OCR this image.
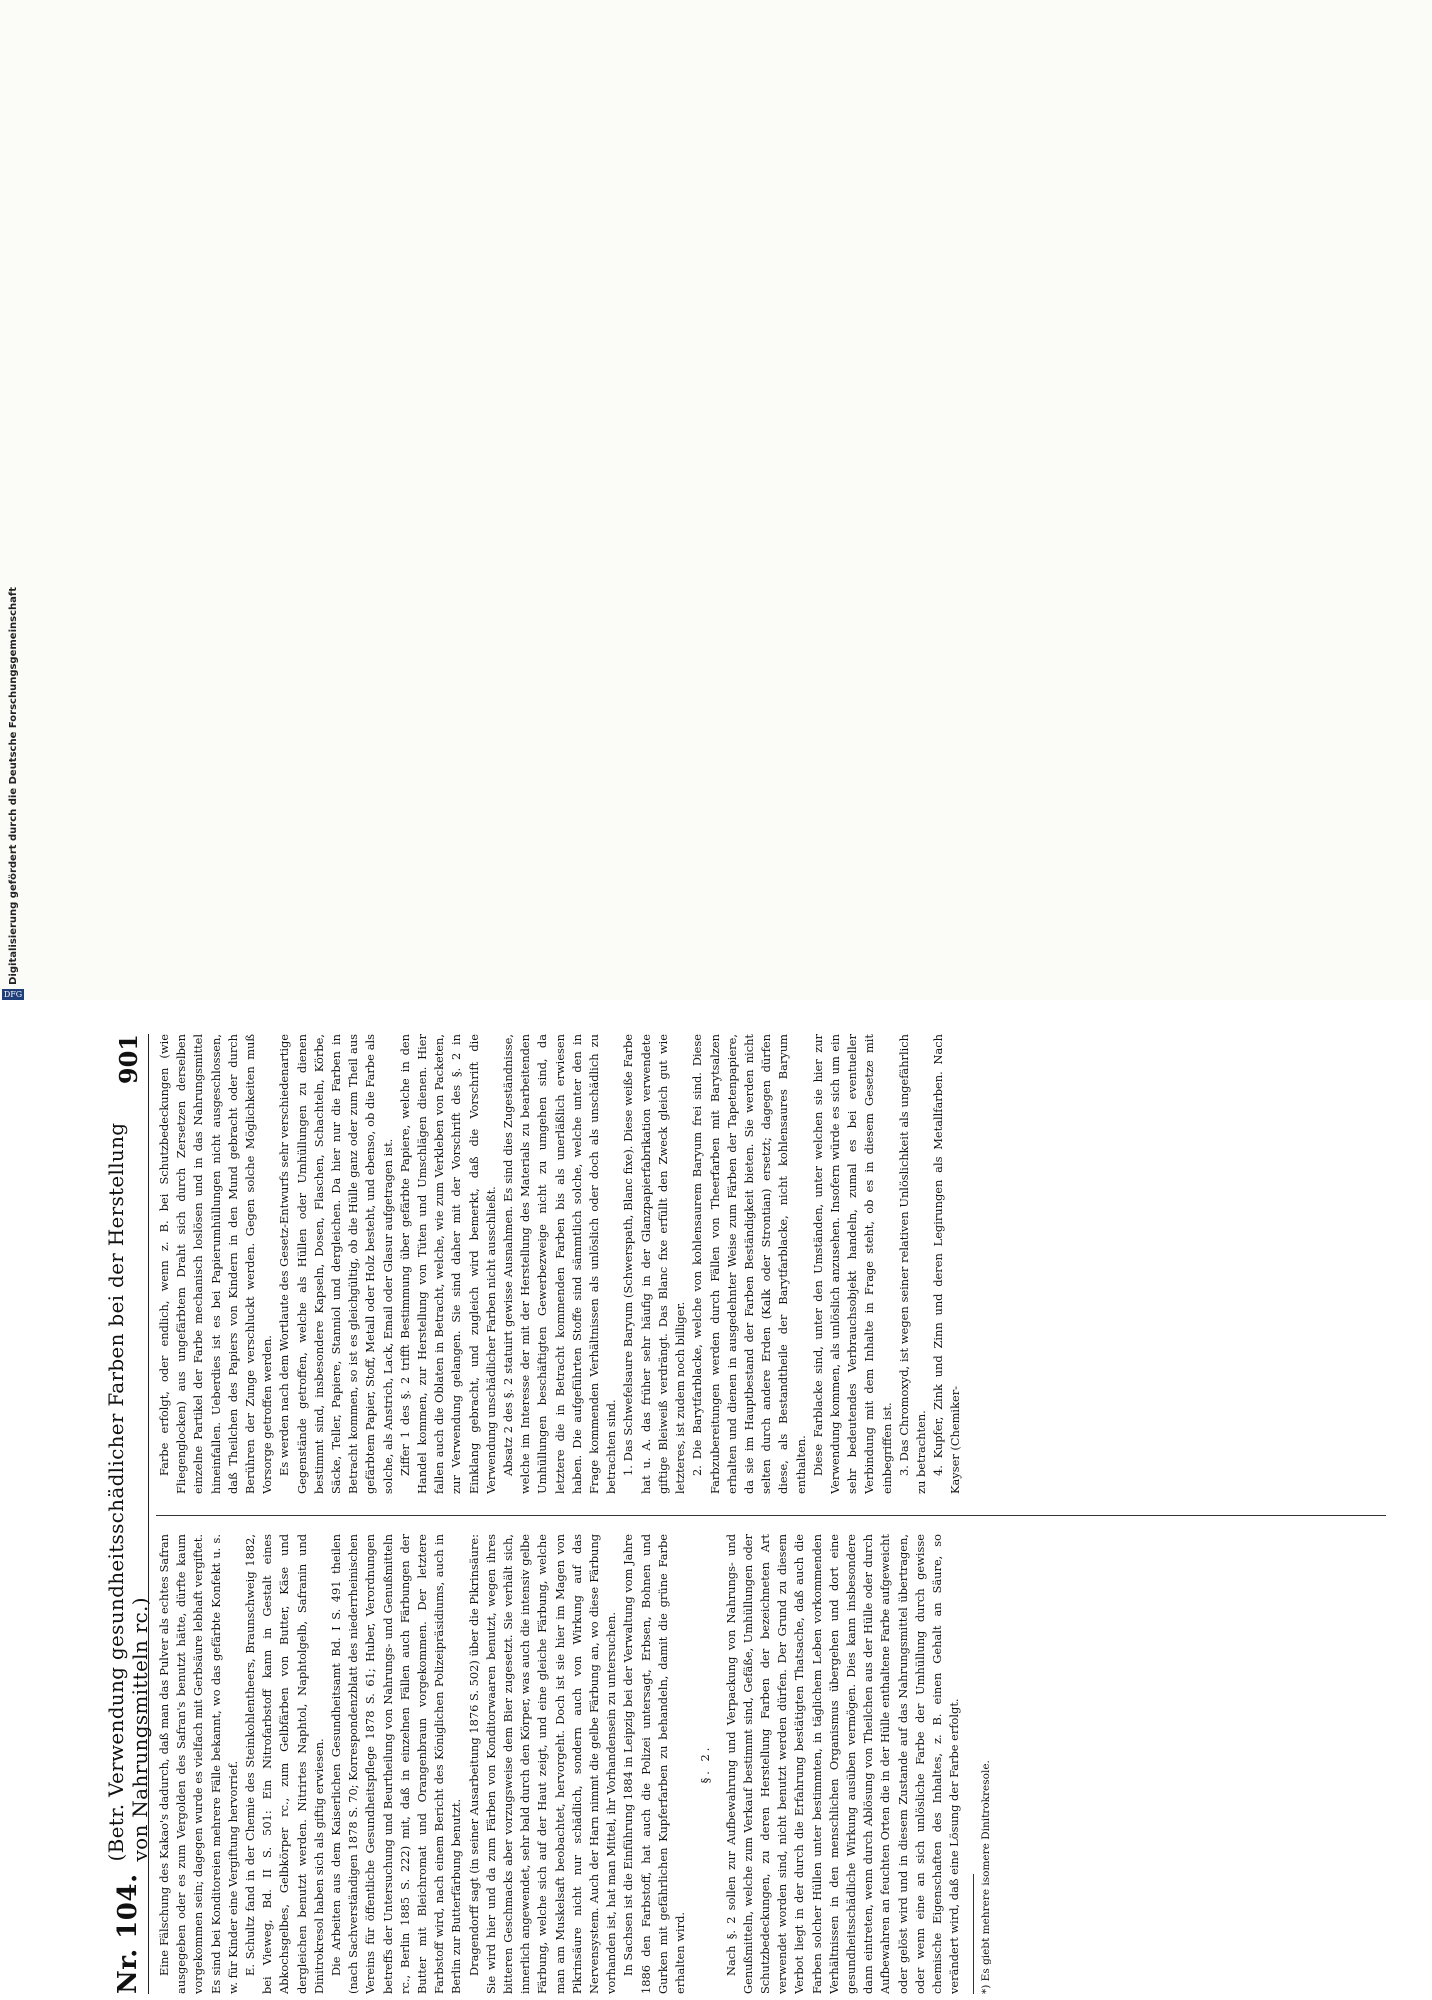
Digitalisierung gefördert durch die Deutsche Forschungsgemeinschaft
DFG
Nr. 104.
(Betr. Verwendung gesundheitsschädlicher Farben bei der Herstellung von Nahrungsmitteln rc.)
901

Eine Fälschung des Kakao's dadurch, daß man das Pulver als echtes Safran ausgegeben oder es zum Vergolden des Safran's benutzt hätte, dürfte kaum vorgekommen sein; dagegen wurde es vielfach mit Gerbsäure lebhaft vergiftet. Es sind bei Konditoreien mehrere Fälle bekannt, wo das gefärbte Konfekt u. s. w. für Kinder eine Vergiftung hervorrief. E. Schultz fand in der Chemie des Steinkohlentheers, Braunschweig 1882, bei Vieweg, Bd. II S. 501: Ein Nitrofarbstoff kann in Gestalt eines Abkochsgelbes, Gelbkörper rc., zum Gelbfärben von Butter, Käse und dergleichen benutzt werden. Nitrirtes Naphtol, Naphtolgelb, Safranin und Dinitrokresol haben sich als giftig erwiesen. Die Arbeiten aus dem Kaiserlichen Gesundheitsamt Bd. I S. 491 theilen (nach Sachverständigen 1878 S. 70; Korrespondenzblatt des niederrheinischen Vereins für öffentliche Gesundheitspflege 1878 S. 61; Huber, Verordnungen betreffs der Untersuchung und Beurtheilung von Nahrungs- und Genußmitteln rc., Berlin 1885 S. 222) mit, daß in einzelnen Fällen auch Färbungen der Butter mit Bleichromat und Orangenbraun vorgekommen. Der letztere Farbstoff wird, nach einem Bericht des Königlichen Polizeipräsidiums, auch in Berlin zur Butterfärbung benutzt. Dragendorff sagt (in seiner Ausarbeitung 1876 S. 502) über die Pikrinsäure: Sie wird hier und da zum Färben von Konditorwaaren benutzt, wegen ihres bitteren Geschmacks aber vorzugsweise dem Bier zugesetzt. Sie verhält sich, innerlich angewendet, sehr bald durch den Körper, was auch die intensiv gelbe Färbung, welche sich auf der Haut zeigt, und eine gleiche Färbung, welche man am Muskelsaft beobachtet, hervorgeht. Doch ist sie hier im Magen von Pikrinsäure nicht nur schädlich, sondern auch von Wirkung auf das Nervensystem. Auch der Harn nimmt die gelbe Färbung an, wo diese Färbung vorhanden ist, hat man Mittel, ihr Vorhandensein zu untersuchen. In Sachsen ist die Einführung 1884 in Leipzig bei der Verwaltung vom Jahre 1886 den Farbstoff, hat auch die Polizei untersagt, Erbsen, Bohnen und Gurken mit gefährlichen Kupferfarben zu behandeln, damit die grüne Farbe erhalten wird.

§. 2. Nach §. 2 sollen zur Aufbewahrung und Verpackung von Nahrungs- und Genußmitteln, welche zum Verkauf bestimmt sind, Gefäße, Umhüllungen oder Schutzbedeckungen, zu deren Herstellung Farben der bezeichneten Art verwendet worden sind, nicht benutzt werden dürfen. Der Grund zu diesem Verbot liegt in der durch die Erfahrung bestätigten Thatsache, daß auch die Farben solcher Hüllen unter bestimmten, in täglichem Leben vorkommenden Verhältnissen in den menschlichen Organismus übergehen und dort eine gesundheitsschädliche Wirkung ausüben vermögen. Dies kann insbesondere dann eintreten, wenn durch Ablösung von Theilchen aus der Hülle oder durch Aufbewahren an feuchten Orten die in der Hülle enthaltene Farbe aufgeweicht oder gelöst wird und in diesem Zustande auf das Nahrungsmittel übertragen, oder wenn eine an sich unlösliche Farbe der Umhüllung durch gewisse chemische Eigenschaften des Inhaltes, z. B. einen Gehalt an Säure, so verändert wird, daß eine Lösung der Farbe erfolgt. *) Es giebt mehrere isomere Dinitrokresole.

Farbe erfolgt, oder endlich, wenn z. B. bei Schutzbedeckungen (wie Fliegenglocken) aus ungefärbtem Draht sich durch Zersetzen derselben einzelne Partikel der Farbe mechanisch loslösen und in das Nahrungsmittel hineinfallen. Ueberdies ist es bei Papierumhüllungen nicht ausgeschlossen, daß Theilchen des Papiers von Kindern in den Mund gebracht oder durch Berühren der Zunge verschluckt werden. Gegen solche Möglichkeiten muß Vorsorge getroffen werden. Es werden nach dem Wortlaute des Gesetz-Entwurfs sehr verschiedenartige Gegenstände getroffen, welche als Hüllen oder Umhüllungen zu dienen bestimmt sind, insbesondere Kapseln, Dosen, Flaschen, Schachteln, Körbe, Säcke, Teller, Papiere, Stanniol und dergleichen. Da hier nur die Farben in Betracht kommen, so ist es gleichgültig, ob die Hülle ganz oder zum Theil aus gefärbtem Papier, Stoff, Metall oder Holz besteht, und ebenso, ob die Farbe als solche, als Anstrich, Lack, Email oder Glasur aufgetragen ist. Ziffer 1 des §. 2 trifft Bestimmung über gefärbte Papiere, welche in den Handel kommen, zur Herstellung von Tüten und Umschlägen dienen. Hier fallen auch die Oblaten in Betracht, welche, wie zum Verkleben von Packeten, zur Verwendung gelangen. Sie sind daher mit der Vorschrift des §. 2 in Einklang gebracht, und zugleich wird bemerkt, daß die Vorschrift die Verwendung unschädlicher Farben nicht ausschließt. Absatz 2 des §. 2 statuirt gewisse Ausnahmen. Es sind dies Zugeständnisse, welche im Interesse der mit der Herstellung des Materials zu bearbeitenden Umhüllungen beschäftigten Gewerbezweige nicht zu umgehen sind, da letztere die in Betracht kommenden Farben bis als unerläßlich erwiesen haben. Die aufgeführten Stoffe sind sämmtlich solche, welche unter den in Frage kommenden Verhältnissen als unlöslich oder doch als unschädlich zu betrachten sind. 1. Das Schwefelsaure Baryum (Schwerspath, Blanc fixe). Diese weiße Farbe hat u. A. das früher sehr häufig in der Glanzpapierfabrikation verwendete giftige Bleiweiß verdrängt. Das Blanc fixe erfüllt den Zweck gleich gut wie letzteres, ist zudem noch billiger. 2. Die Barytfarblacke, welche von kohlensaurem Baryum frei sind. Diese Farbzubereitungen werden durch Fällen von Theerfarben mit Barytsalzen erhalten und dienen in ausgedehnter Weise zum Färben der Tapetenpapiere, da sie im Hauptbestand der Farben Beständigkeit bieten. Sie werden nicht selten durch andere Erden (Kalk oder Strontian) ersetzt; dagegen dürfen diese, als Bestandtheile der Barytfarblacke, nicht kohlensaures Baryum enthalten. Diese Farblacke sind, unter den Umständen, unter welchen sie hier zur Verwendung kommen, als unlöslich anzusehen. Insofern würde es sich um ein sehr bedeutendes Verbrauchsobjekt handeln, zumal es bei eventueller Verbindung mit dem Inhalte in Frage steht, ob es in diesem Gesetze mit einbegriffen ist. 3. Das Chromoxyd, ist wegen seiner relativen Unlöslichkeit als ungefährlich zu betrachten. 4. Kupfer, Zink und Zinn und deren Legirungen als Metallfarben. Nach Kayser (Chemiker-
